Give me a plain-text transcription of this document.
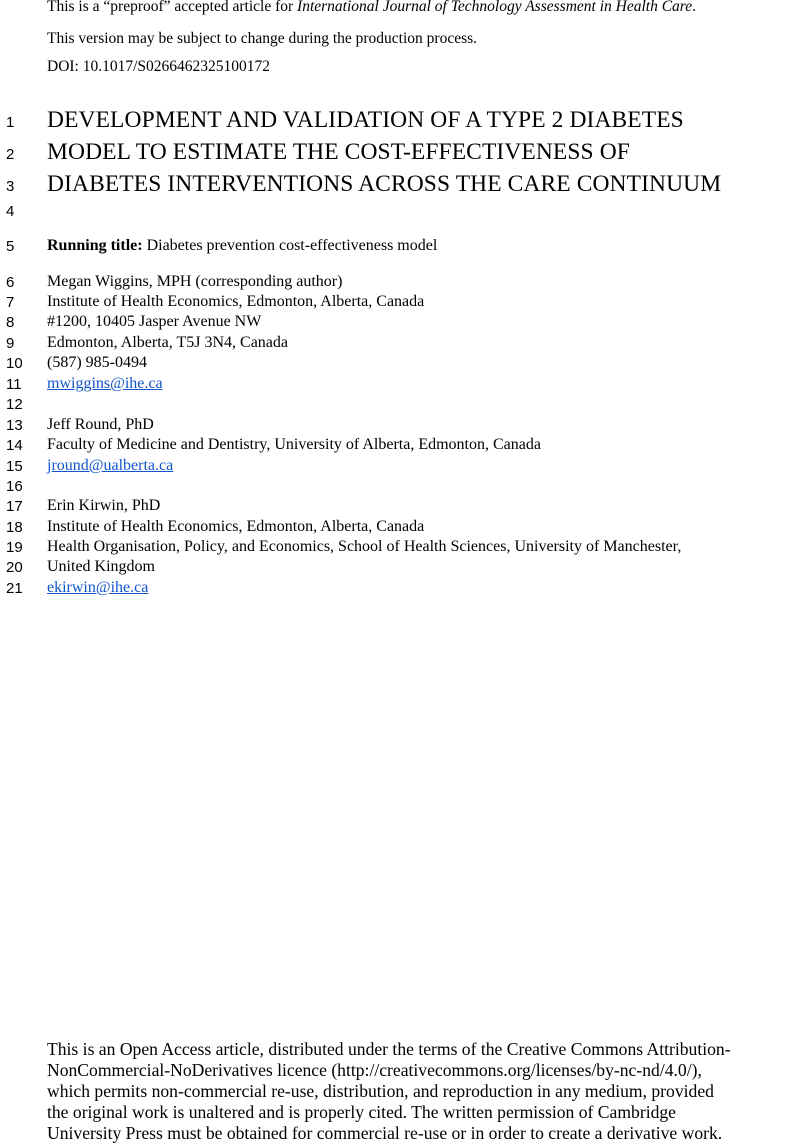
This is a “preproof” accepted article for International Journal of Technology Assessment in Health Care.
This version may be subject to change during the production process.
DOI: 10.1017/S0266462325100172
1
2
3
4
5
6
7
8
9
10
11
12
13
14
15
16
17
18
19
20
21
DEVELOPMENT AND VALIDATION OF A TYPE 2 DIABETES
MODEL TO ESTIMATE THE COST-EFFECTIVENESS OF
DIABETES INTERVENTIONS ACROSS THE CARE CONTINUUM
Running title: Diabetes prevention cost-effectiveness model
Megan Wiggins, MPH (corresponding author)
Institute of Health Economics, Edmonton, Alberta, Canada
#1200, 10405 Jasper Avenue NW
Edmonton, Alberta, T5J 3N4, Canada
(587) 985-0494
mwiggins@ihe.ca
Jeff Round, PhD
Faculty of Medicine and Dentistry, University of Alberta, Edmonton, Canada
jround@ualberta.ca
Erin Kirwin, PhD
Institute of Health Economics, Edmonton, Alberta, Canada
Health Organisation, Policy, and Economics, School of Health Sciences, University of Manchester,
United Kingdom
ekirwin@ihe.ca
This is an Open Access article, distributed under the terms of the Creative Commons Attribution-
NonCommercial-NoDerivatives licence (http://creativecommons.org/licenses/by-nc-nd/4.0/),
which permits non-commercial re-use, distribution, and reproduction in any medium, provided
the original work is unaltered and is properly cited. The written permission of Cambridge
University Press must be obtained for commercial re-use or in order to create a derivative work.
